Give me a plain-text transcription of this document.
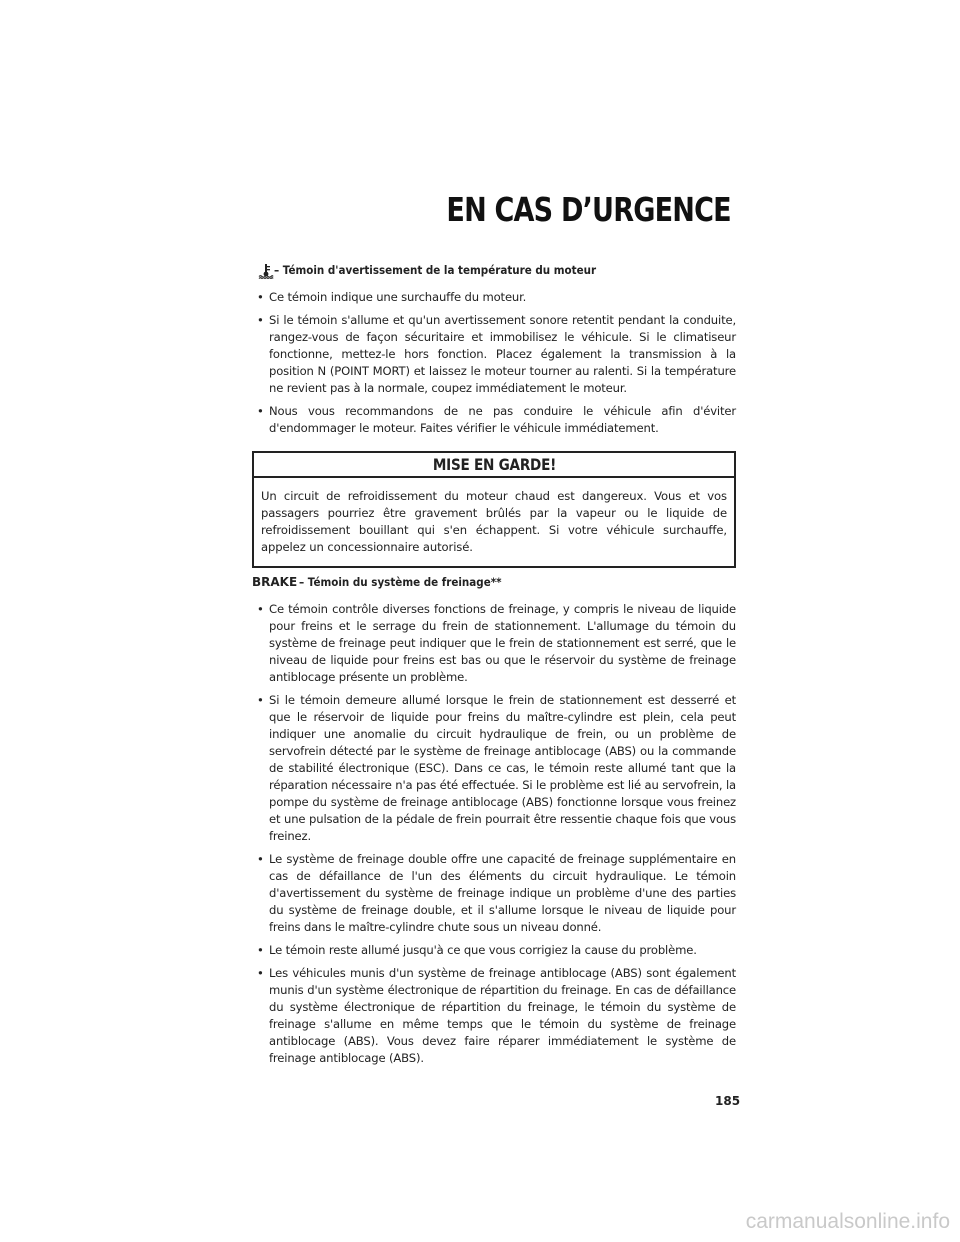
EN CAS D’URGENCE
– Témoin d'avertissement de la température du moteur
• Ce témoin indique une surchauffe du moteur.
• Si le témoin s'allume et qu'un avertissement sonore retentit pendant la conduite, rangez-vous de façon sécuritaire et immobilisez le véhicule. Si le climatiseur fonctionne, mettez-le hors fonction. Placez également la transmission à la position N (POINT MORT) et laissez le moteur tourner au ralenti. Si la température ne revient pas à la normale, coupez immédiatement le moteur.
• Nous vous recommandons de ne pas conduire le véhicule afin d'éviter d'endommager le moteur. Faites vérifier le véhicule immédiatement.
MISE EN GARDE!
Un circuit de refroidissement du moteur chaud est dangereux. Vous et vos passagers pourriez être gravement brûlés par la vapeur ou le liquide de refroidissement bouillant qui s'en échappent. Si votre véhicule surchauffe, appelez un concessionnaire autorisé.
BRAKE – Témoin du système de freinage**
• Ce témoin contrôle diverses fonctions de freinage, y compris le niveau de liquide pour freins et le serrage du frein de stationnement. L'allumage du témoin du système de freinage peut indiquer que le frein de stationnement est serré, que le niveau de liquide pour freins est bas ou que le réservoir du système de freinage antiblocage présente un problème.
• Si le témoin demeure allumé lorsque le frein de stationnement est desserré et que le réservoir de liquide pour freins du maître-cylindre est plein, cela peut indiquer une anomalie du circuit hydraulique de frein, ou un problème de servofrein détecté par le système de freinage antiblocage (ABS) ou la commande de stabilité électronique (ESC). Dans ce cas, le témoin reste allumé tant que la réparation nécessaire n'a pas été effectuée. Si le problème est lié au servofrein, la pompe du système de freinage antiblocage (ABS) fonctionne lorsque vous freinez et une pulsation de la pédale de frein pourrait être ressentie chaque fois que vous freinez.
• Le système de freinage double offre une capacité de freinage supplémentaire en cas de défaillance de l'un des éléments du circuit hydraulique. Le témoin d'avertissement du système de freinage indique un problème d'une des parties du système de freinage double, et il s'allume lorsque le niveau de liquide pour freins dans le maître-cylindre chute sous un niveau donné.
• Le témoin reste allumé jusqu'à ce que vous corrigiez la cause du problème.
• Les véhicules munis d'un système de freinage antiblocage (ABS) sont également munis d'un système électronique de répartition du freinage. En cas de défaillance du système électronique de répartition du freinage, le témoin du système de freinage s'allume en même temps que le témoin du système de freinage antiblocage (ABS). Vous devez faire réparer immédiatement le système de freinage antiblocage (ABS).
185
carmanualsonline.info
